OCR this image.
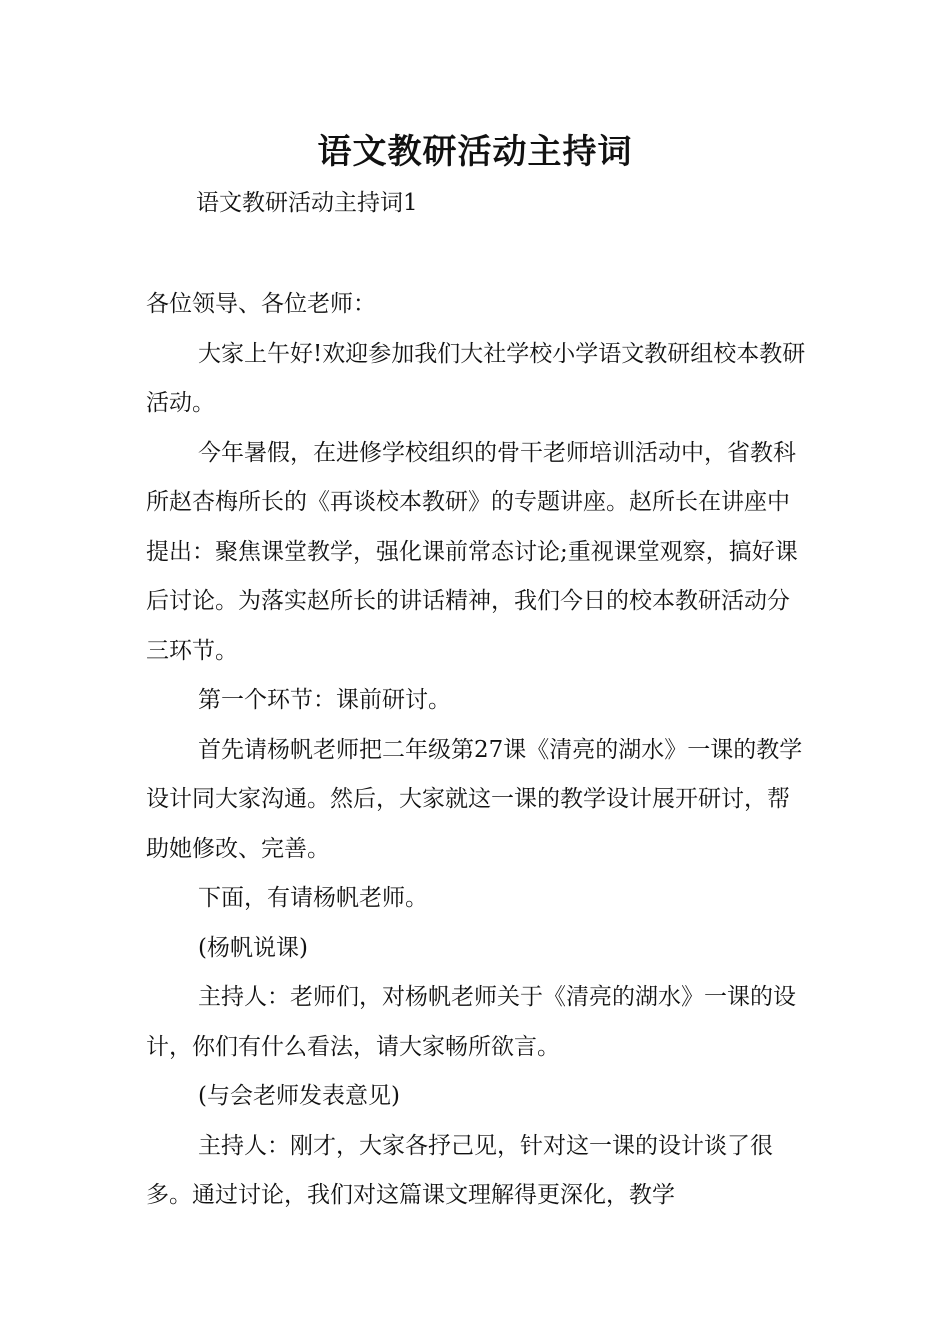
语文教研活动主持词
语文教研活动主持词1

各位领导、各位老师：

大家上午好!欢迎参加我们大社学校小学语文教研组校本教研活动。

今年暑假，在进修学校组织的骨干老师培训活动中，省教科所赵杏梅所长的《再谈校本教研》的专题讲座。赵所长在讲座中提出：聚焦课堂教学，强化课前常态讨论;重视课堂观察，搞好课后讨论。为落实赵所长的讲话精神，我们今日的校本教研活动分三环节。

第一个环节：课前研讨。

首先请杨帆老师把二年级第27课《清亮的湖水》一课的教学设计同大家沟通。然后，大家就这一课的教学设计展开研讨，帮助她修改、完善。

下面，有请杨帆老师。

(杨帆说课)

主持人：老师们，对杨帆老师关于《清亮的湖水》一课的设计，你们有什么看法，请大家畅所欲言。

(与会老师发表意见)

主持人：刚才，大家各抒己见，针对这一课的设计谈了很多。通过讨论，我们对这篇课文理解得更深化，教学
